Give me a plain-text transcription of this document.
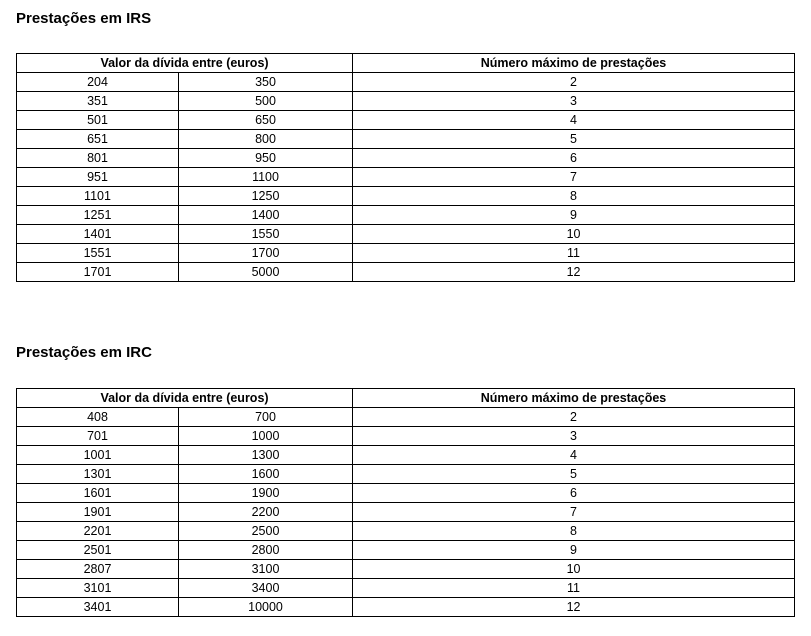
Prestações em IRS
Valor da dívida entre (euros)		Número máximo de prestações
204	350	2
351	500	3
501	650	4
651	800	5
801	950	6
951	1100	7
1101	1250	8
1251	1400	9
1401	1550	10
1551	1700	11
1701	5000	12
Prestações em IRC
Valor da dívida entre (euros)		Número máximo de prestações
408	700	2
701	1000	3
1001	1300	4
1301	1600	5
1601	1900	6
1901	2200	7
2201	2500	8
2501	2800	9
2807	3100	10
3101	3400	11
3401	10000	12
